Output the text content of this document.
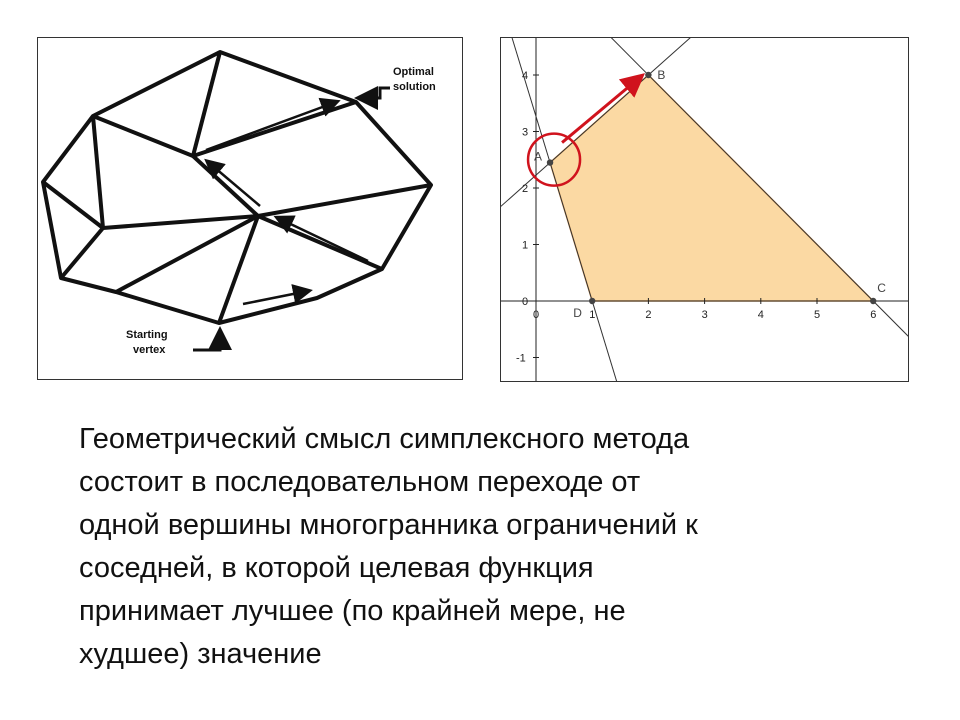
Optimal
solution
Starting
vertex
0	1	2	3	4	5	6
-1
0
1
2
3
4
A
B
C
D

Геометрический смысл симплексного метода

состоит в последовательном переходе от

одной вершины многогранника ограничений к

соседней, в которой целевая функция

принимает лучшее (по крайней мере, не

худшее) значение
